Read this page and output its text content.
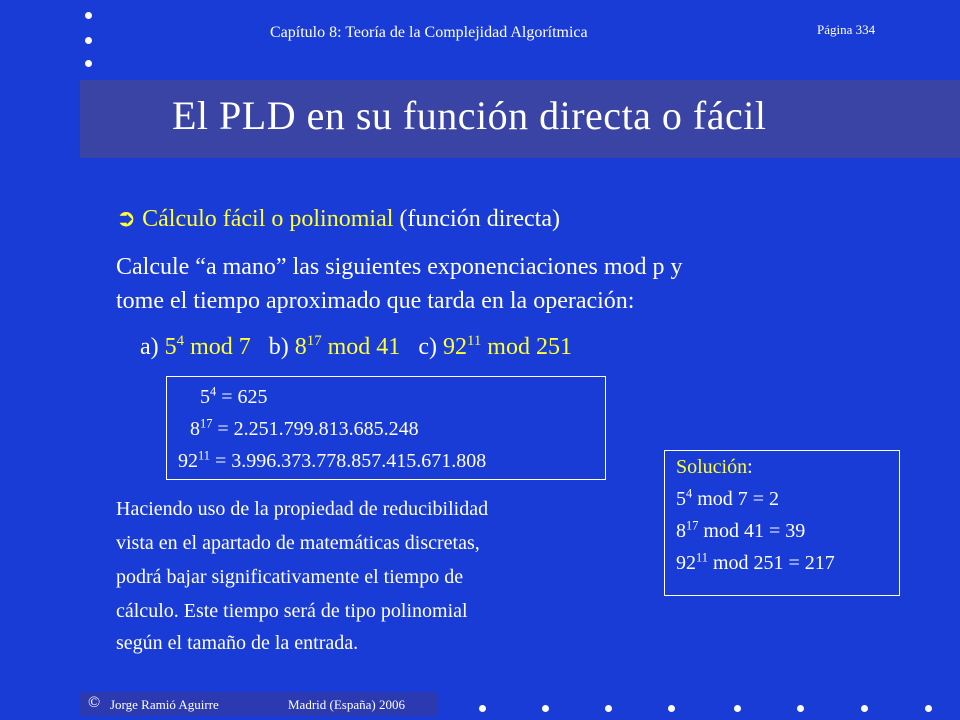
Capítulo 8: Teoría de la Complejidad Algorítmica	Página 334
El PLD en su función directa o fácil
➲ Cálculo fácil o polinomial (función directa)
Calcule “a mano” las siguientes exponenciaciones mod p y
tome el tiempo aproximado que tarda en la operación:
a) $5^4$ mod 7 b) $8^{17}$ mod 41 c) $92^{11}$ mod 251
$5^4 = 625$
$8^{17} = 2.251.799.813.685.248$
$92^{11} = 3.996.373.778.857.415.671.808$
Haciendo uso de la propiedad de reducibilidad
vista en el apartado de matemáticas discretas,
podrá bajar significativamente el tiempo de
cálculo. Este tiempo será de tipo polinomial
según el tamaño de la entrada.
Solución:
$5^4$ mod 7 = 2
$8^{17}$ mod 41 = 39
$92^{11}$ mod 251 = 217
© Jorge Ramió Aguirre	Madrid (España) 2006
